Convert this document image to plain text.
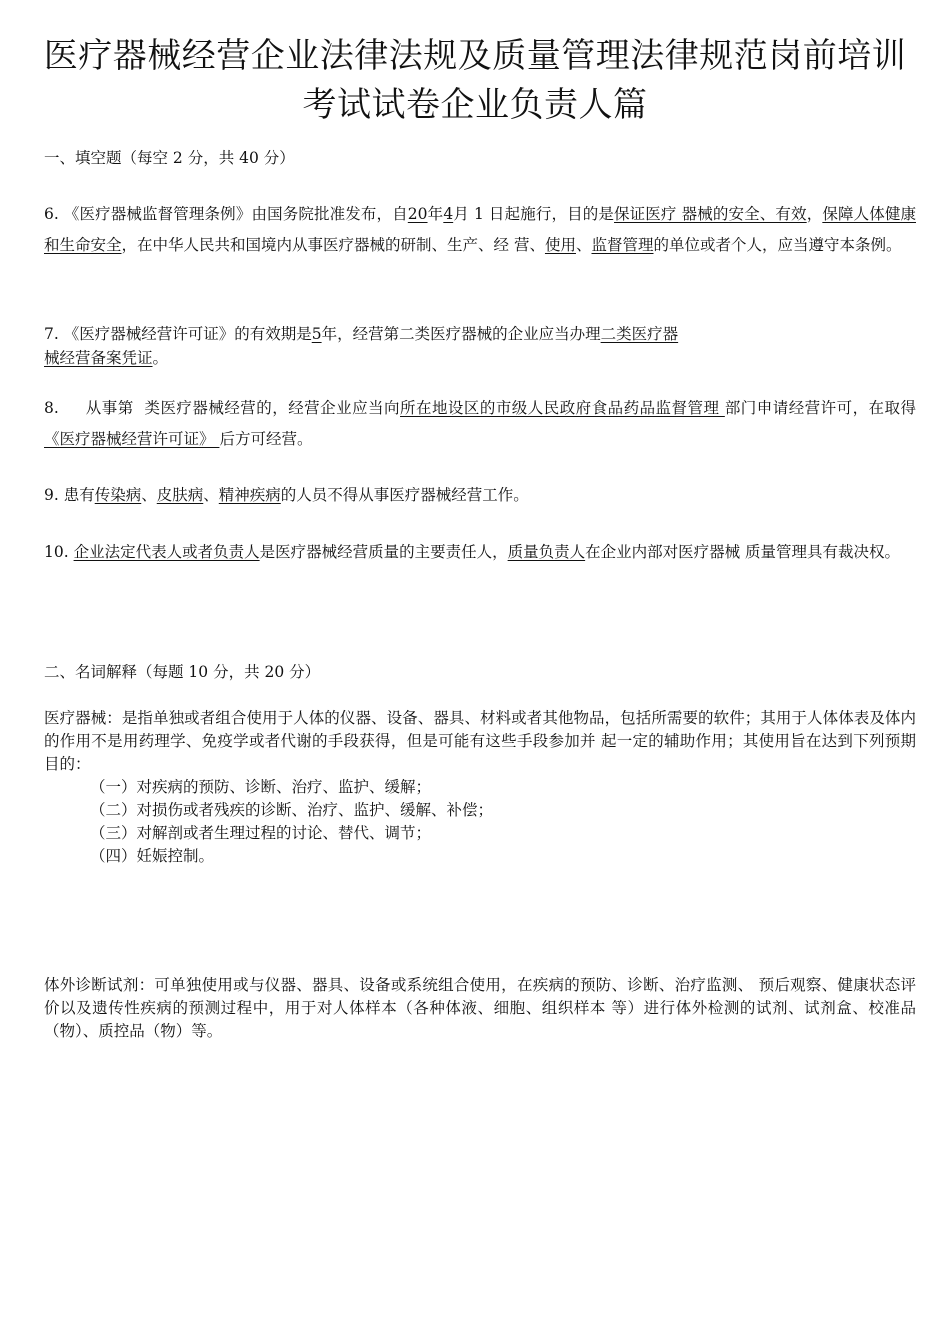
医疗器械经营企业法律法规及质量管理法律规范岗前培训
考试试卷企业负责人篇
一、填空题（每空 2 分，共 40 分）
6. 《医疗器械监督管理条例》由国务院批准发布，自20年4月 1 日起施行，目的是保证医疗 器械的安全、有效，保障人体健康和生命安全，在中华人民共和国境内从事医疗器械的研制、生产、经 营、使用、监督管理的单位或者个人，应当遵守本条例。
7. 《医疗器械经营许可证》的有效期是5年，经营第二类医疗器械的企业应当办理二类医疗器
械经营备案凭证。
8.     从事第  类医疗器械经营的，经营企业应当向所在地设区的市级人民政府食品药品监督管理 部门申请经营许可，在取得《医疗器械经营许可证》 后方可经营。
9. 患有传染病、皮肤病、精神疾病的人员不得从事医疗器械经营工作。
10. 企业法定代表人或者负责人是医疗器械经营质量的主要责任人，质量负责人在企业内部对医疗器械 质量管理具有裁决权。
二、名词解释（每题 10 分，共 20 分）
医疗器械：是指单独或者组合使用于人体的仪器、设备、器具、材料或者其他物品，包括所需要的软件；其用于人体体表及体内的作用不是用药理学、免疫学或者代谢的手段获得，但是可能有这些手段参加并 起一定的辅助作用；其使用旨在达到下列预期目的：
（一）对疾病的预防、诊断、治疗、监护、缓解；
（二）对损伤或者残疾的诊断、治疗、监护、缓解、补偿；
（三）对解剖或者生理过程的讨论、替代、调节；
（四）妊娠控制。
体外诊断试剂：可单独使用或与仪器、器具、设备或系统组合使用，在疾病的预防、诊断、治疗监测、 预后观察、健康状态评价以及遗传性疾病的预测过程中，用于对人体样本（各种体液、细胞、组织样本 等）进行体外检测的试剂、试剂盒、校准品（物）、质控品（物）等。
